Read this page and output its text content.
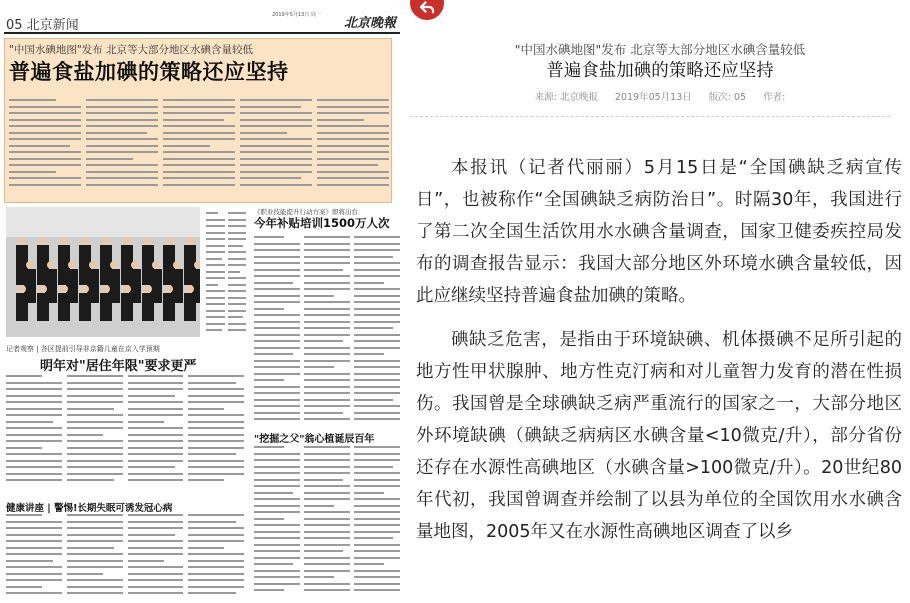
05 北京新闻
2019年5月13日 周一
北京晚報
"中国水碘地图"发布 北京等大部分地区水碘含量较低
普遍食盐加碘的策略还应坚持
《职业技能提升行动方案》即将出台
今年补贴培训1500万人次
记者观察 | 各区提前引导非京籍儿童在京入学预期
明年对"居住年限"要求更严
"挖掘之父"翁心植诞辰百年
健康讲座 | 警惕!长期失眠可诱发冠心病
"中国水碘地图"发布 北京等大部分地区水碘含量较低
普遍食盐加碘的策略还应坚持
来源: 北京晚报 2019年05月13日 版次: 05 作者:

本报讯（记者代丽丽）5月15日是“全国碘缺乏病宣传日”，也被称作“全国碘缺乏病防治日”。时隔30年，我国进行了第二次全国生活饮用水水碘含量调查，国家卫健委疾控局发布的调查报告显示：我国大部分地区外环境水碘含量较低，因此应继续坚持普遍食盐加碘的策略。

碘缺乏危害，是指由于环境缺碘、机体摄碘不足所引起的地方性甲状腺肿、地方性克汀病和对儿童智力发育的潜在性损伤。我国曾是全球碘缺乏病严重流行的国家之一，大部分地区外环境缺碘（碘缺乏病病区水碘含量<10微克/升），部分省份还存在水源性高碘地区（水碘含量>100微克/升）。20世纪80年代初，我国曾调查并绘制了以县为单位的全国饮用水水碘含量地图，2005年又在水源性高碘地区调查了以乡
